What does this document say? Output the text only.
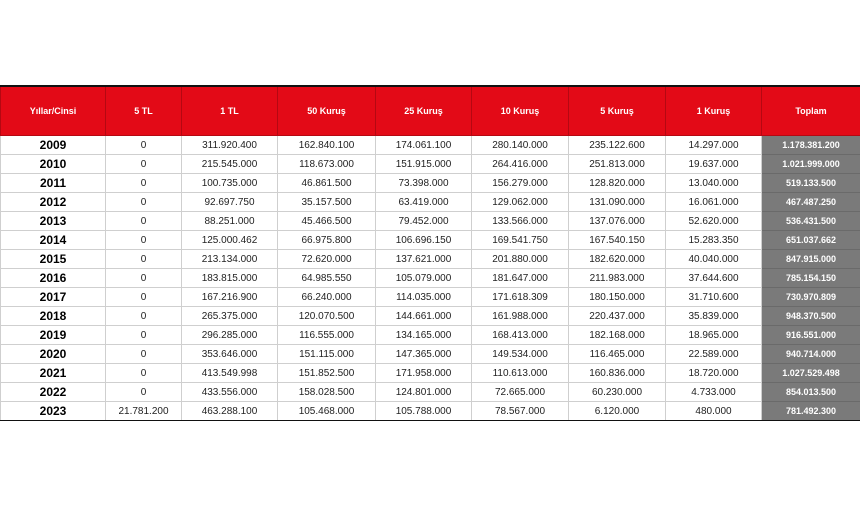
Yıllar/Cinsi	5 TL	1 TL	50 Kuruş	25 Kuruş	10 Kuruş	5 Kuruş	1 Kuruş	Toplam
2009	0	311.920.400	162.840.100	174.061.100	280.140.000	235.122.600	14.297.000	1.178.381.200
2010	0	215.545.000	118.673.000	151.915.000	264.416.000	251.813.000	19.637.000	1.021.999.000
2011	0	100.735.000	46.861.500	73.398.000	156.279.000	128.820.000	13.040.000	519.133.500
2012	0	92.697.750	35.157.500	63.419.000	129.062.000	131.090.000	16.061.000	467.487.250
2013	0	88.251.000	45.466.500	79.452.000	133.566.000	137.076.000	52.620.000	536.431.500
2014	0	125.000.462	66.975.800	106.696.150	169.541.750	167.540.150	15.283.350	651.037.662
2015	0	213.134.000	72.620.000	137.621.000	201.880.000	182.620.000	40.040.000	847.915.000
2016	0	183.815.000	64.985.550	105.079.000	181.647.000	211.983.000	37.644.600	785.154.150
2017	0	167.216.900	66.240.000	114.035.000	171.618.309	180.150.000	31.710.600	730.970.809
2018	0	265.375.000	120.070.500	144.661.000	161.988.000	220.437.000	35.839.000	948.370.500
2019	0	296.285.000	116.555.000	134.165.000	168.413.000	182.168.000	18.965.000	916.551.000
2020	0	353.646.000	151.115.000	147.365.000	149.534.000	116.465.000	22.589.000	940.714.000
2021	0	413.549.998	151.852.500	171.958.000	110.613.000	160.836.000	18.720.000	1.027.529.498
2022	0	433.556.000	158.028.500	124.801.000	72.665.000	60.230.000	4.733.000	854.013.500
2023	21.781.200	463.288.100	105.468.000	105.788.000	78.567.000	6.120.000	480.000	781.492.300
